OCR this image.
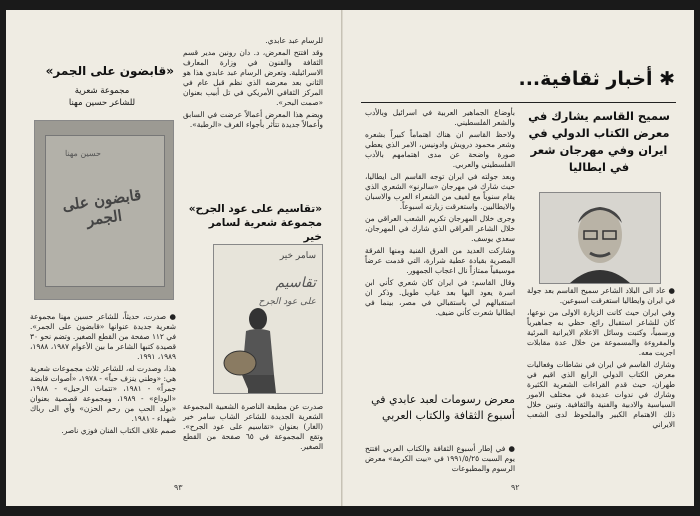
للرسام عبد عابدي.

وقد افتتح المعرض، د. دان رونين مدير قسم الثقافة والفنون في وزارة المعارف الاسرائيلية. وتعرض الرسام عبد عابدي هذا هو الثاني بعد معرضه الذي نظم قبل عام في المركز الثقافي الأمريكي في تل أبيب بعنوان «صمت البحر».

ويضم هذا المعرض أعمالاً عرضت في السابق وأعمالاً جديدة تتأثر بأجواء الغرف «الرطبة».

«تقاسيم على عود الجرح» مجموعة شعرية لسامر خير
سامر خير
تقاسيم
على عود الجرح

صدرت عن مطبعة الناصرة الشعبية المجموعة الشعرية الجديدة للشاعر الشاب سامر خير (الغار) بعنوان «تقاسيم على عود الجرح». وتقع المجموعة في ٦٥ صفحة من القطع الصغير.

«قابضون على الجمر»
مجموعة شعرية
للشاعر حسين مهنا
قابضون على الجمر
حسين مهنا

● صدرت، حديثاً، للشاعر حسين مهنا مجموعة شعرية جديدة عنوانها «قابضون على الجمر». في ١١٢ صفحة من القطع الصغير. وتضم نحو ٣٠ قصيدة كتبها الشاعر ما بين الأعوام ١٩٨٧، ١٩٨٨، ١٩٨٩، ١٩٩١.

هذا، وصدرت له، للشاعر ثلاث مجموعات شعرية هي: «وطني ينزف حباً» - ١٩٧٨، «أصوات قابضة جمراً» - ١٩٨١، «تتمات الرحيل» - ١٩٨٨، «الوداع» - ١٩٨٩، ومجموعة قصصية بعنوان «يولد الحب من رحم الحزن» وأي الى رباك شهداء - ١٩٨١.

صمم غلاف الكتاب الفنان فوزي ناصر.

٩٣
✱ أخبار ثقافية...
سميح القاسم يشارك في معرض الكتاب الدولي في ايران وفي مهرجان شعر في ايطاليا

● عاد الى البلاد الشاعر سميح القاسم بعد جولة في ايران وايطاليا استغرقت اسبوعين.

وفي ايران حيث كانت الزيارة الاولى من نوعها، كان للشاعر استقبال رائع. حظي به جماهيرياً ورسمياً، وكتبت وسائل الاعلام الايرانية المرئية والمقروءة والمسموعة من خلال عدة مقابلات اجريت معه.

وشارك القاسم في ايران في نشاطات وفعاليات معرض الكتاب الدولي الرابع الذي اقيم في طهران، حيث قدم القراءات الشعرية الكثيرة وشارك في ندوات عديدة في مختلف الامور السياسية والادبية والفنية والثقافية. وتبين خلال ذلك الاهتمام الكبير والملحوظ لدى الشعب الايراني

بأوضاع الجماهير العربية في اسرائيل وبالأدب والشعر الفلسطيني.

ولاحظ القاسم ان هناك اهتماماً كبيراً بشعره وشعر محمود درويش وادونيس، الامر الذي يعطي صورة واضحة عن مدى اهتمامهم بالأدب الفلسطيني والعربي.

وبعد جولته في ايران توجه القاسم الى ايطاليا، حيث شارك في مهرجان «سالرنو» الشعري الذي يقام سنوياً مع لفيف من الشعراء العرب والاسبان والايطاليين. واستغرقت زيارته اسبوعاً.

وجرى خلال المهرجان تكريم الشعب العراقي من خلال الشاعر العراقي الذي شارك في المهرجان، سعدي يوسف.

وشاركت العديد من الفرق الفنية ومنها الفرقة المصرية بقيادة عطية شرارة، التي قدمت عرضاً موسيقياً ممتازاً نال اعجاب الجمهور.

وقال القاسم: في ايران كان شعري كأني ابن اسرة يعود اليها بعد غياب طويل. وذكر ان استقبالهم لي باستقبالي في مصر، بينما في ايطاليا شعرت كأني ضيف.

معرض رسومات لعبد عابدي في أسبوع الثقافة والكتاب العربي

● في إطار أسبوع الثقافة والكتاب العربي افتتح يوم السبت ١٩٩١/٥/٢٥ في «بيت الكرمة» معرض الرسوم والمطبوعات

٩٢
